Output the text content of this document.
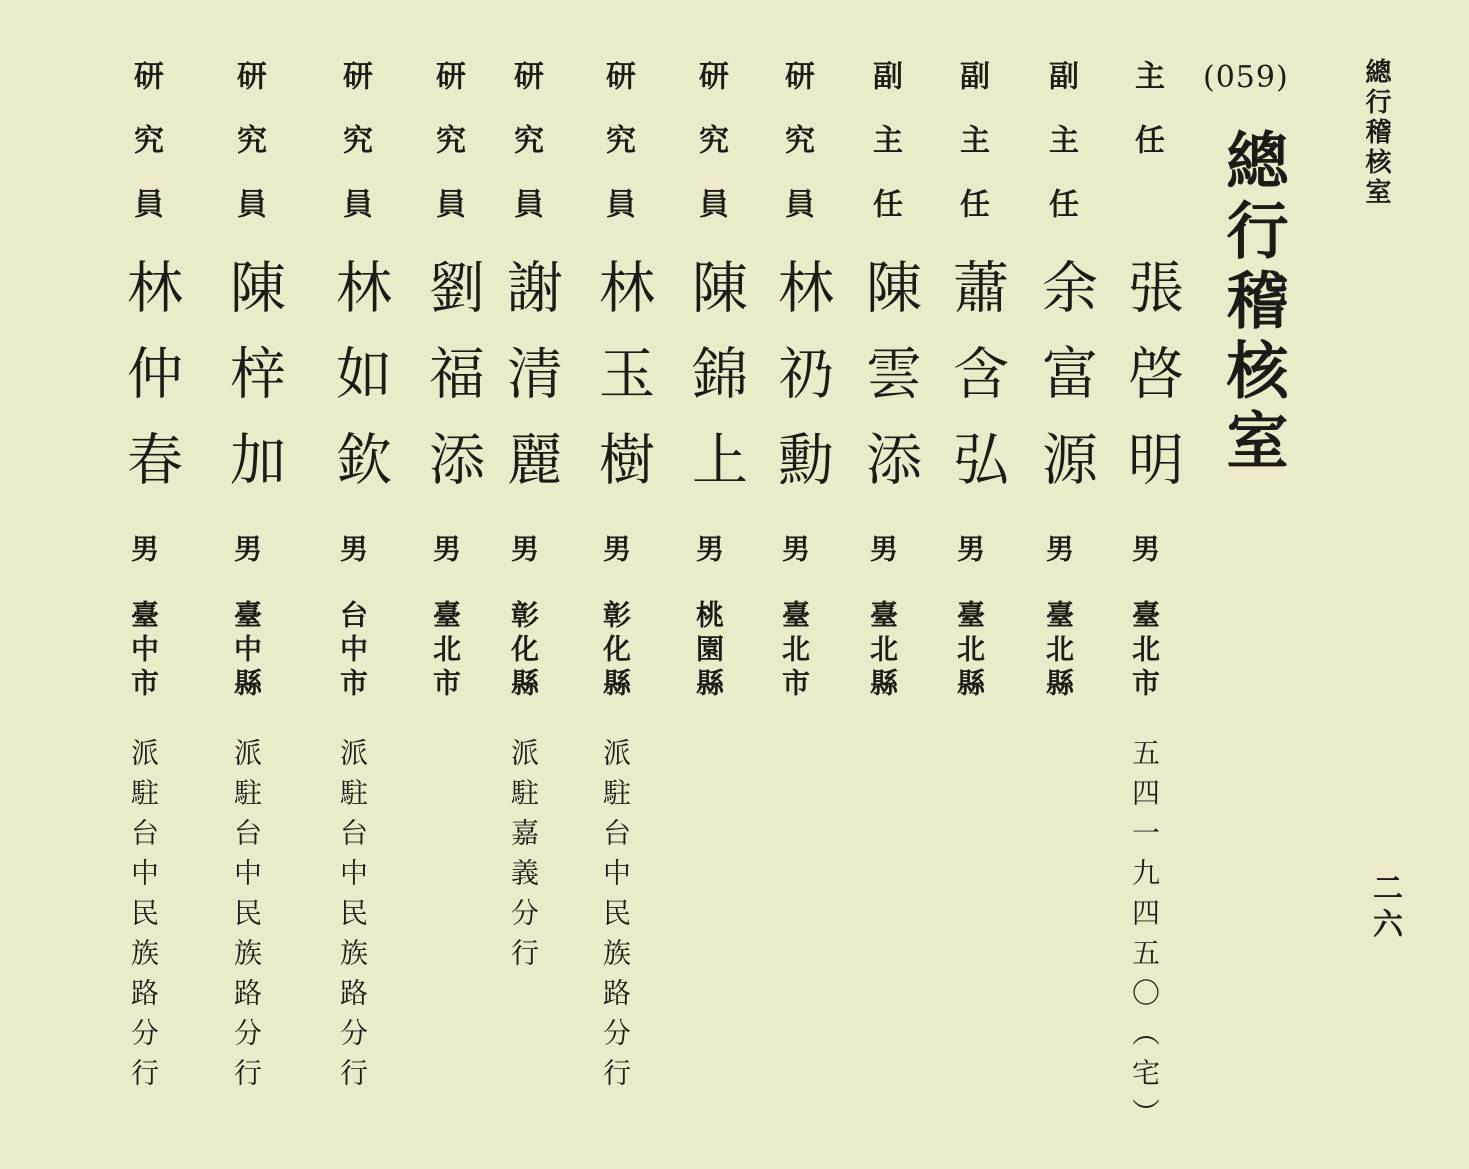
總行稽核室
(059)
總行稽核室
二六
主任
張啓明
男
臺北市
五四一九四五〇（宅）
副主任
余富源
男
臺北縣
副主任
蕭含弘
男
臺北縣
副主任
陳雲添
男
臺北縣
研究員
林礽勳
男
臺北市
研究員
陳錦上
男
桃園縣
研究員
林玉樹
男
彰化縣
派駐台中民族路分行
研究員
謝清麗
男
彰化縣
派駐嘉義分行
研究員
劉福添
男
臺北市
研究員
林如欽
男
台中市
派駐台中民族路分行
研究員
陳梓加
男
臺中縣
派駐台中民族路分行
研究員
林仲春
男
臺中市
派駐台中民族路分行
